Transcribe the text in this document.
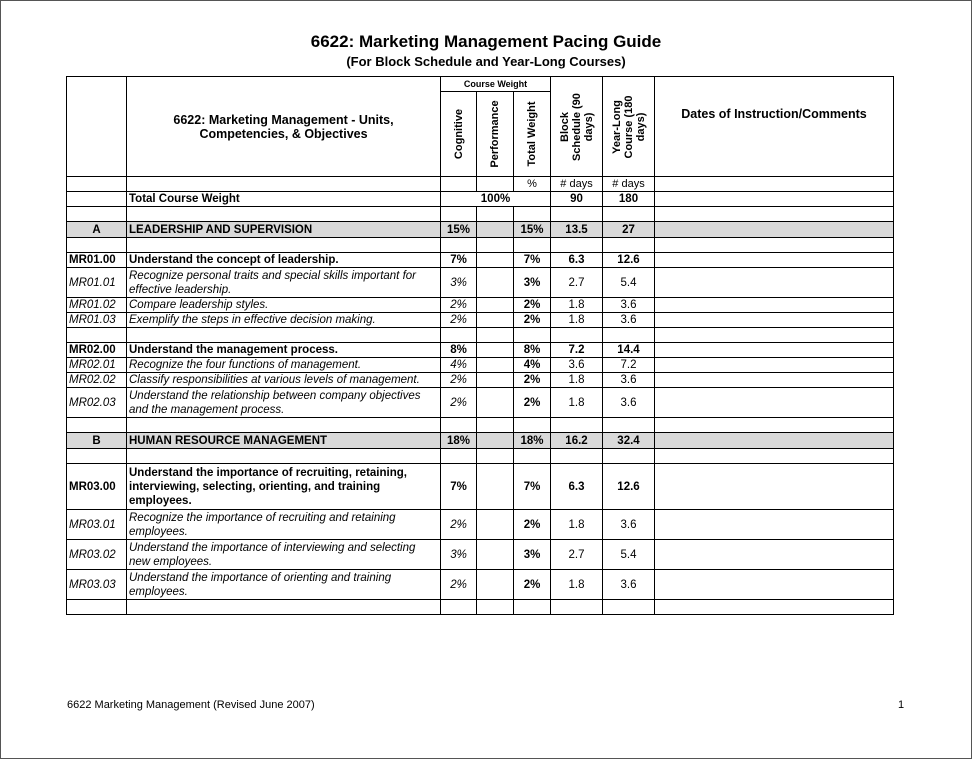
6622: Marketing Management Pacing Guide
(For Block Schedule and Year-Long Courses)
	6622: Marketing Management - Units, Competencies, & Objectives	Course Weight			Block Schedule (90 days)	Year-Long Course (180 days)	Dates of Instruction/Comments

		Cognitive	Performance	Total Weight			

				%	# days	# days	
	Total Course Weight	100%			90	180	

A	LEADERSHIP AND SUPERVISION	15%		15%	13.5	27	

MR01.00	Understand the concept of leadership.	7%		7%	6.3	12.6	
MR01.01	Recognize personal traits and special skills important for effective leadership.	3%		3%	2.7	5.4	
MR01.02	Compare leadership styles.	2%		2%	1.8	3.6	
MR01.03	Exemplify the steps in effective decision making.	2%		2%	1.8	3.6	

MR02.00	Understand the management process.	8%		8%	7.2	14.4	
MR02.01	Recognize the four functions of management.	4%		4%	3.6	7.2	
MR02.02	Classify responsibilities at various levels of management.	2%		2%	1.8	3.6	
MR02.03	Understand the relationship between company objectives and the management process.	2%		2%	1.8	3.6	

B	HUMAN RESOURCE MANAGEMENT	18%		18%	16.2	32.4	

MR03.00	Understand the importance of recruiting, retaining, interviewing, selecting, orienting, and training employees.	7%		7%	6.3	12.6	
MR03.01	Recognize the importance of recruiting and retaining employees.	2%		2%	1.8	3.6	
MR03.02	Understand the importance of interviewing and selecting new employees.	3%		3%	2.7	5.4	
MR03.03	Understand the importance of orienting and training employees.	2%		2%	1.8	3.6	

6622 Marketing Management (Revised June 2007)	1
